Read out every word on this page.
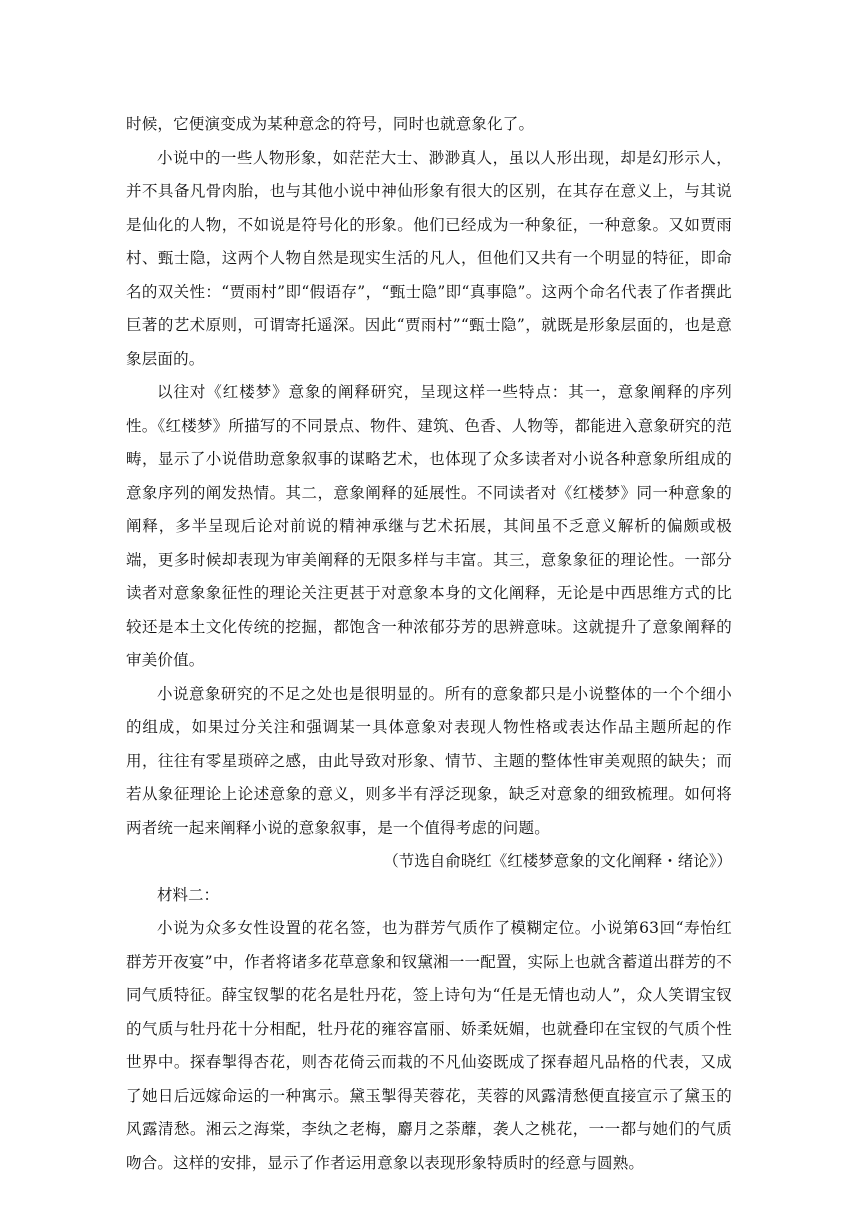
时候，它便演变成为某种意念的符号，同时也就意象化了。

小说中的一些人物形象，如茫茫大士、渺渺真人，虽以人形出现，却是幻形示人，并不具备凡骨肉胎，也与其他小说中神仙形象有很大的区别，在其存在意义上，与其说是仙化的人物，不如说是符号化的形象。他们已经成为一种象征，一种意象。又如贾雨村、甄士隐，这两个人物自然是现实生活的凡人，但他们又共有一个明显的特征，即命名的双关性：“贾雨村”即“假语存”，“甄士隐”即“真事隐”。这两个命名代表了作者撰此巨著的艺术原则，可谓寄托遥深。因此“贾雨村”“甄士隐”，就既是形象层面的，也是意象层面的。

以往对《红楼梦》意象的阐释研究，呈现这样一些特点：其一，意象阐释的序列性。《红楼梦》所描写的不同景点、物件、建筑、色香、人物等，都能进入意象研究的范畴，显示了小说借助意象叙事的谋略艺术，也体现了众多读者对小说各种意象所组成的意象序列的阐发热情。其二，意象阐释的延展性。不同读者对《红楼梦》同一种意象的阐释，多半呈现后论对前说的精神承继与艺术拓展，其间虽不乏意义解析的偏颇或极端，更多时候却表现为审美阐释的无限多样与丰富。其三，意象象征的理论性。一部分读者对意象象征性的理论关注更甚于对意象本身的文化阐释，无论是中西思维方式的比较还是本土文化传统的挖掘，都饱含一种浓郁芬芳的思辨意味。这就提升了意象阐释的审美价值。

小说意象研究的不足之处也是很明显的。所有的意象都只是小说整体的一个个细小的组成，如果过分关注和强调某一具体意象对表现人物性格或表达作品主题所起的作用，往往有零星琐碎之感，由此导致对形象、情节、主题的整体性审美观照的缺失；而若从象征理论上论述意象的意义，则多半有浮泛现象，缺乏对意象的细致梳理。如何将两者统一起来阐释小说的意象叙事，是一个值得考虑的问题。

（节选自俞晓红《红楼梦意象的文化阐释・绪论》）

材料二：

小说为众多女性设置的花名签，也为群芳气质作了模糊定位。小说第63回“寿怡红群芳开夜宴”中，作者将诸多花草意象和钗黛湘一一配置，实际上也就含蓄道出群芳的不同气质特征。薛宝钗掣的花名是牡丹花，签上诗句为“任是无情也动人”，众人笑谓宝钗的气质与牡丹花十分相配，牡丹花的雍容富丽、娇柔妩媚，也就叠印在宝钗的气质个性世界中。探春掣得杏花，则杏花倚云而栽的不凡仙姿既成了探春超凡品格的代表，又成了她日后远嫁命运的一种寓示。黛玉掣得芙蓉花，芙蓉的风露清愁便直接宣示了黛玉的风露清愁。湘云之海棠，李纨之老梅，麝月之荼蘼，袭人之桃花，一一都与她们的气质吻合。这样的安排，显示了作者运用意象以表现形象特质时的经意与圆熟。
